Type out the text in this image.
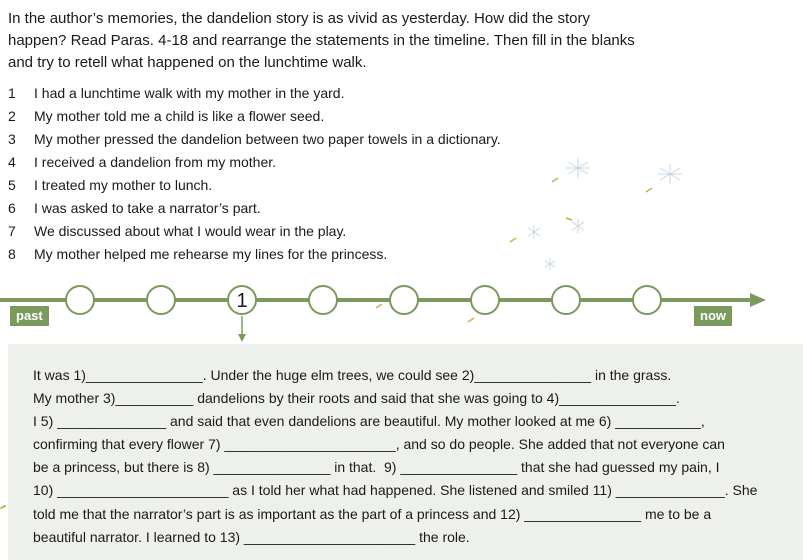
In the author’s memories, the dandelion story is as vivid as yesterday. How did the story happen? Read Paras. 4-18 and rearrange the statements in the timeline. Then fill in the blanks and try to retell what happened on the lunchtime walk.
1 I had a lunchtime walk with my mother in the yard.
2 My mother told me a child is like a flower seed.
3 My mother pressed the dandelion between two paper towels in a dictionary.
4 I received a dandelion from my mother.
5 I treated my mother to lunch.
6 I was asked to take a narrator’s part.
7 We discussed about what I would wear in the play.
8 My mother helped me rehearse my lines for the princess.
1
past	now

It was 1)_______________. Under the huge elm trees, we could see 2)_______________ in the grass.
My mother 3)__________ dandelions by their roots and said that she was going to 4)_______________.
I 5) ______________ and said that even dandelions are beautiful. My mother looked at me 6) ___________,
confirming that every flower 7) ______________________, and so do people. She added that not everyone can
be a princess, but there is 8) _______________ in that.  9) _______________ that she had guessed my pain, I
10) ______________________ as I told her what had happened. She listened and smiled 11) ______________. She
told me that the narrator’s part is as important as the part of a princess and 12) _______________ me to be a
beautiful narrator. I learned to 13) ______________________ the role.
